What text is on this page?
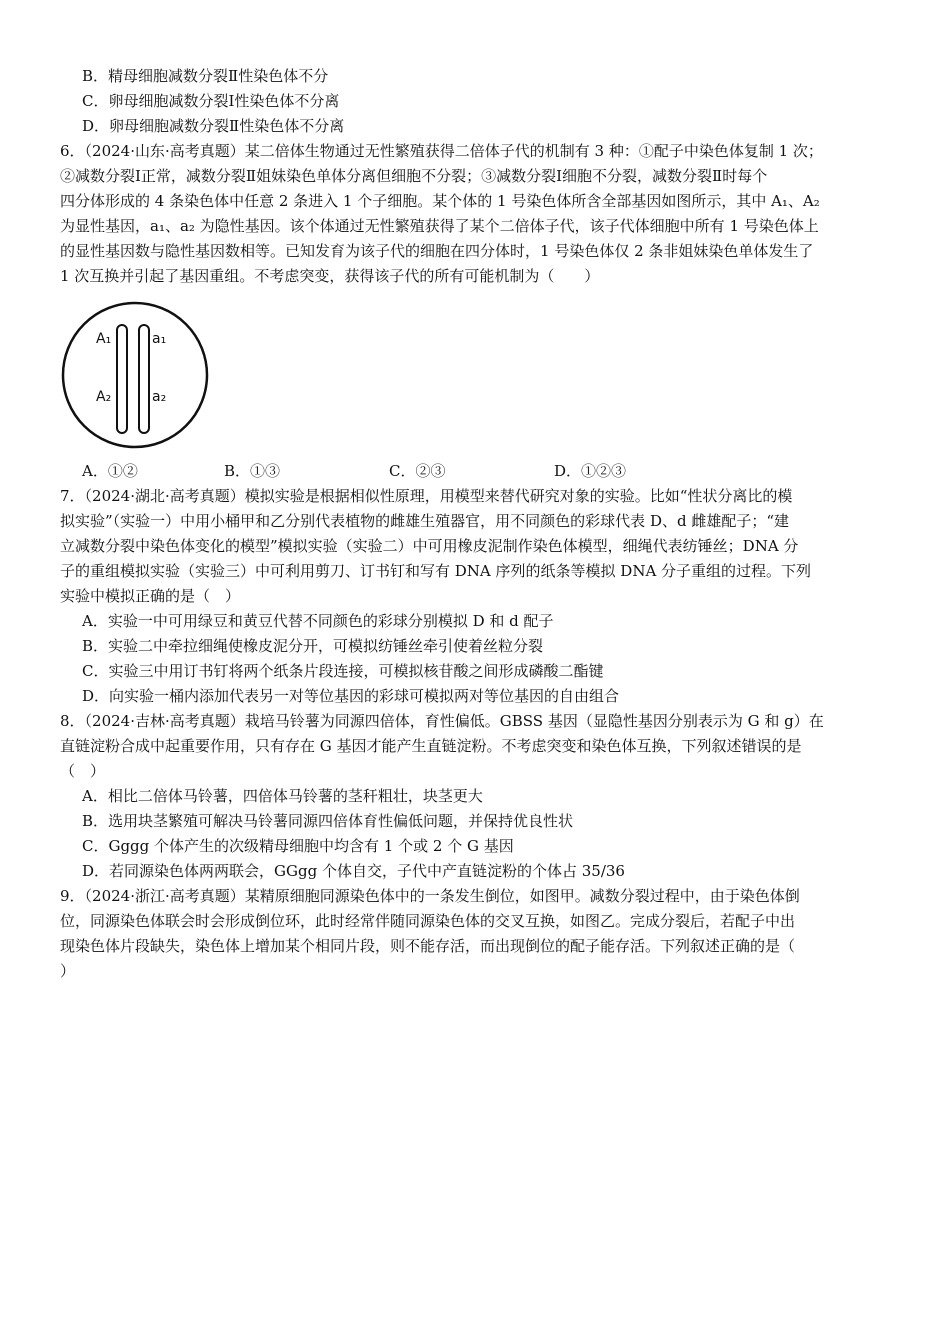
B．精母细胞减数分裂Ⅱ性染色体不分
C．卵母细胞减数分裂Ⅰ性染色体不分离
D．卵母细胞减数分裂Ⅱ性染色体不分离
6．（2024·山东·高考真题）某二倍体生物通过无性繁殖获得二倍体子代的机制有 3 种：①配子中染色体复制 1 次；
②减数分裂Ⅰ正常，减数分裂Ⅱ姐妹染色单体分离但细胞不分裂；③减数分裂Ⅰ细胞不分裂，减数分裂Ⅱ时每个
四分体形成的 4 条染色体中任意 2 条进入 1 个子细胞。某个体的 1 号染色体所含全部基因如图所示，其中 A₁、A₂
为显性基因，a₁、a₂ 为隐性基因。该个体通过无性繁殖获得了某个二倍体子代，该子代体细胞中所有 1 号染色体上
的显性基因数与隐性基因数相等。已知发育为该子代的细胞在四分体时，1 号染色体仅 2 条非姐妹染色单体发生了
1 次互换并引起了基因重组。不考虑突变，获得该子代的所有可能机制为（　　）
A₁	a₁
A₂	a₂
A．①②	B．①③	C．②③	D．①②③
7．（2024·湖北·高考真题）模拟实验是根据相似性原理，用模型来替代研究对象的实验。比如“性状分离比的模
拟实验”（实验一）中用小桶甲和乙分别代表植物的雌雄生殖器官，用不同颜色的彩球代表 D、d 雌雄配子；“建
立减数分裂中染色体变化的模型”模拟实验（实验二）中可用橡皮泥制作染色体模型，细绳代表纺锤丝；DNA 分
子的重组模拟实验（实验三）中可利用剪刀、订书钉和写有 DNA 序列的纸条等模拟 DNA 分子重组的过程。下列
实验中模拟正确的是（　）
A．实验一中可用绿豆和黄豆代替不同颜色的彩球分别模拟 D 和 d 配子
B．实验二中牵拉细绳使橡皮泥分开，可模拟纺锤丝牵引使着丝粒分裂
C．实验三中用订书钉将两个纸条片段连接，可模拟核苷酸之间形成磷酸二酯键
D．向实验一桶内添加代表另一对等位基因的彩球可模拟两对等位基因的自由组合
8．（2024·吉林·高考真题）栽培马铃薯为同源四倍体，育性偏低。GBSS 基因（显隐性基因分别表示为 G 和 g）在
直链淀粉合成中起重要作用，只有存在 G 基因才能产生直链淀粉。不考虑突变和染色体互换，下列叙述错误的是
（　）
A．相比二倍体马铃薯，四倍体马铃薯的茎秆粗壮，块茎更大
B．选用块茎繁殖可解决马铃薯同源四倍体育性偏低问题，并保持优良性状
C．Gggg 个体产生的次级精母细胞中均含有 1 个或 2 个 G 基因
D．若同源染色体两两联会，GGgg 个体自交，子代中产直链淀粉的个体占 35/36
9．（2024·浙江·高考真题）某精原细胞同源染色体中的一条发生倒位，如图甲。减数分裂过程中，由于染色体倒
位，同源染色体联会时会形成倒位环，此时经常伴随同源染色体的交叉互换，如图乙。完成分裂后，若配子中出
现染色体片段缺失，染色体上增加某个相同片段，则不能存活，而出现倒位的配子能存活。下列叙述正确的是（
）
